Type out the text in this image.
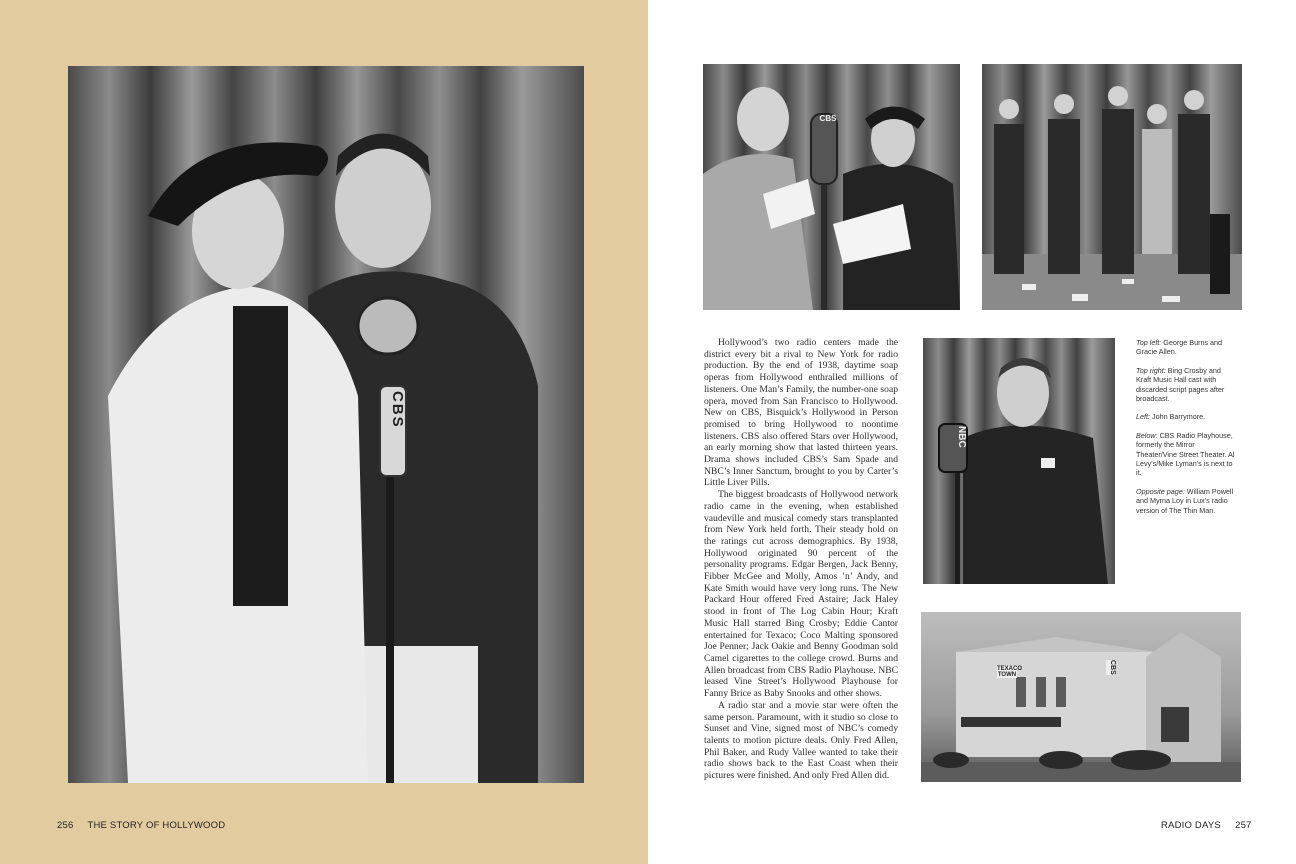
CBS
256 THE STORY OF HOLLYWOOD
CBS
NBC
TEXACO TOWN
CBS

Hollywood’s two radio centers made the district every bit a rival to New York for radio production. By the end of 1938, daytime soap operas from Hollywood enthralled millions of listeners. One Man’s Family, the number-one soap opera, moved from San Francisco to Hollywood. New on CBS, Bisquick’s Hollywood in Person promised to bring Hollywood to noontime listeners. CBS also offered Stars over Hollywood, an early morning show that lasted thirteen years. Drama shows included CBS’s Sam Spade and NBC’s Inner Sanctum, brought to you by Carter’s Little Liver Pills.

The biggest broadcasts of Hollywood network radio came in the evening, when established vaudeville and musical comedy stars transplanted from New York held forth. Their steady hold on the ratings cut across demographics. By 1938, Hollywood originated 90 percent of the personality programs. Edgar Bergen, Jack Benny, Fibber McGee and Molly, Amos ’n’ Andy, and Kate Smith would have very long runs. The New Packard Hour offered Fred Astaire; Jack Haley stood in front of The Log Cabin Hour; Kraft Music Hall starred Bing Crosby; Eddie Cantor entertained for Texaco; Coco Malting sponsored Joe Penner; Jack Oakie and Benny Goodman sold Camel cigarettes to the college crowd. Burns and Allen broadcast from CBS Radio Playhouse. NBC leased Vine Street’s Hollywood Playhouse for Fanny Brice as Baby Snooks and other shows.

A radio star and a movie star were often the same person. Paramount, with it studio so close to Sunset and Vine, signed most of NBC’s comedy talents to motion picture deals. Only Fred Allen, Phil Baker, and Rudy Vallee wanted to take their radio shows back to the East Coast when their pictures were finished. And only Fred Allen did.

Top left: George Burns and Gracie Allen.

Top right: Bing Crosby and Kraft Music Hall cast with discarded script pages after broadcast.

Left: John Barrymore.

Below: CBS Radio Playhouse, formerly the Mirror Theater/Vine Street Theater. Al Levy’s/Mike Lyman’s is next to it.

Opposite page: William Powell and Myrna Loy in Lux’s radio version of The Thin Man.

RADIO DAYS 257
